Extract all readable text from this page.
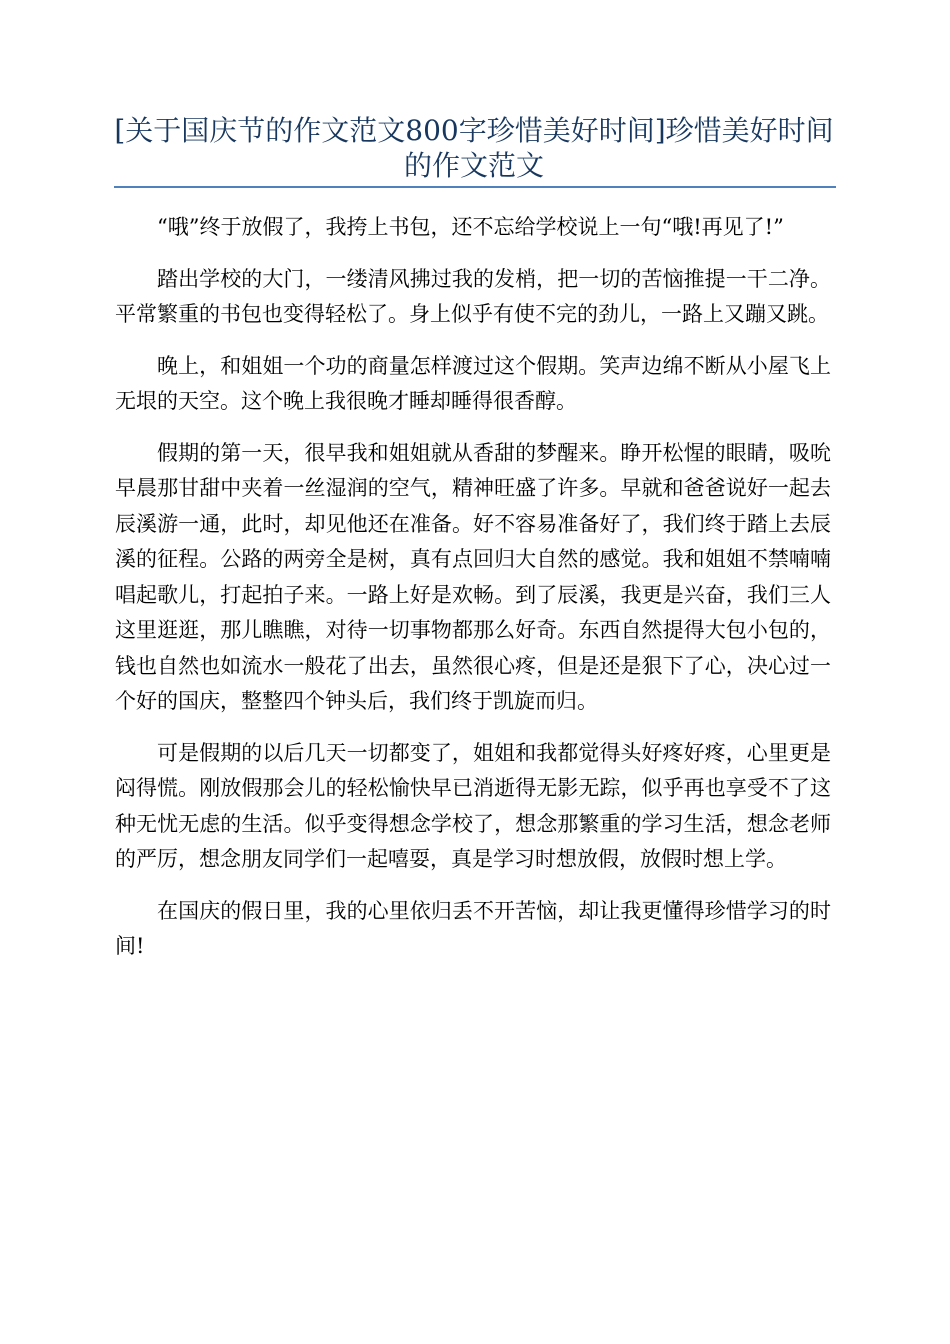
[关于国庆节的作文范文800字珍惜美好时间]珍惜美好时间的作文范文

“哦”终于放假了，我挎上书包，还不忘给学校说上一句“哦!再见了!”

踏出学校的大门，一缕清风拂过我的发梢，把一切的苦恼推提一干二净。平常繁重的书包也变得轻松了。身上似乎有使不完的劲儿，一路上又蹦又跳。

晚上，和姐姐一个功的商量怎样渡过这个假期。笑声边绵不断从小屋飞上无垠的天空。这个晚上我很晚才睡却睡得很香醇。

假期的第一天，很早我和姐姐就从香甜的梦醒来。睁开松惺的眼睛，吸吮早晨那甘甜中夹着一丝湿润的空气，精神旺盛了许多。早就和爸爸说好一起去辰溪游一通，此时，却见他还在准备。好不容易准备好了，我们终于踏上去辰溪的征程。公路的两旁全是树，真有点回归大自然的感觉。我和姐姐不禁喃喃唱起歌儿，打起拍子来。一路上好是欢畅。到了辰溪，我更是兴奋，我们三人这里逛逛，那儿瞧瞧，对待一切事物都那么好奇。东西自然提得大包小包的，钱也自然也如流水一般花了出去，虽然很心疼，但是还是狠下了心，决心过一个好的国庆，整整四个钟头后，我们终于凯旋而归。

可是假期的以后几天一切都变了，姐姐和我都觉得头好疼好疼，心里更是闷得慌。刚放假那会儿的轻松愉快早已消逝得无影无踪，似乎再也享受不了这种无忧无虑的生活。似乎变得想念学校了，想念那繁重的学习生活，想念老师的严厉，想念朋友同学们一起嘻耍，真是学习时想放假，放假时想上学。

在国庆的假日里，我的心里依归丢不开苦恼，却让我更懂得珍惜学习的时间!
